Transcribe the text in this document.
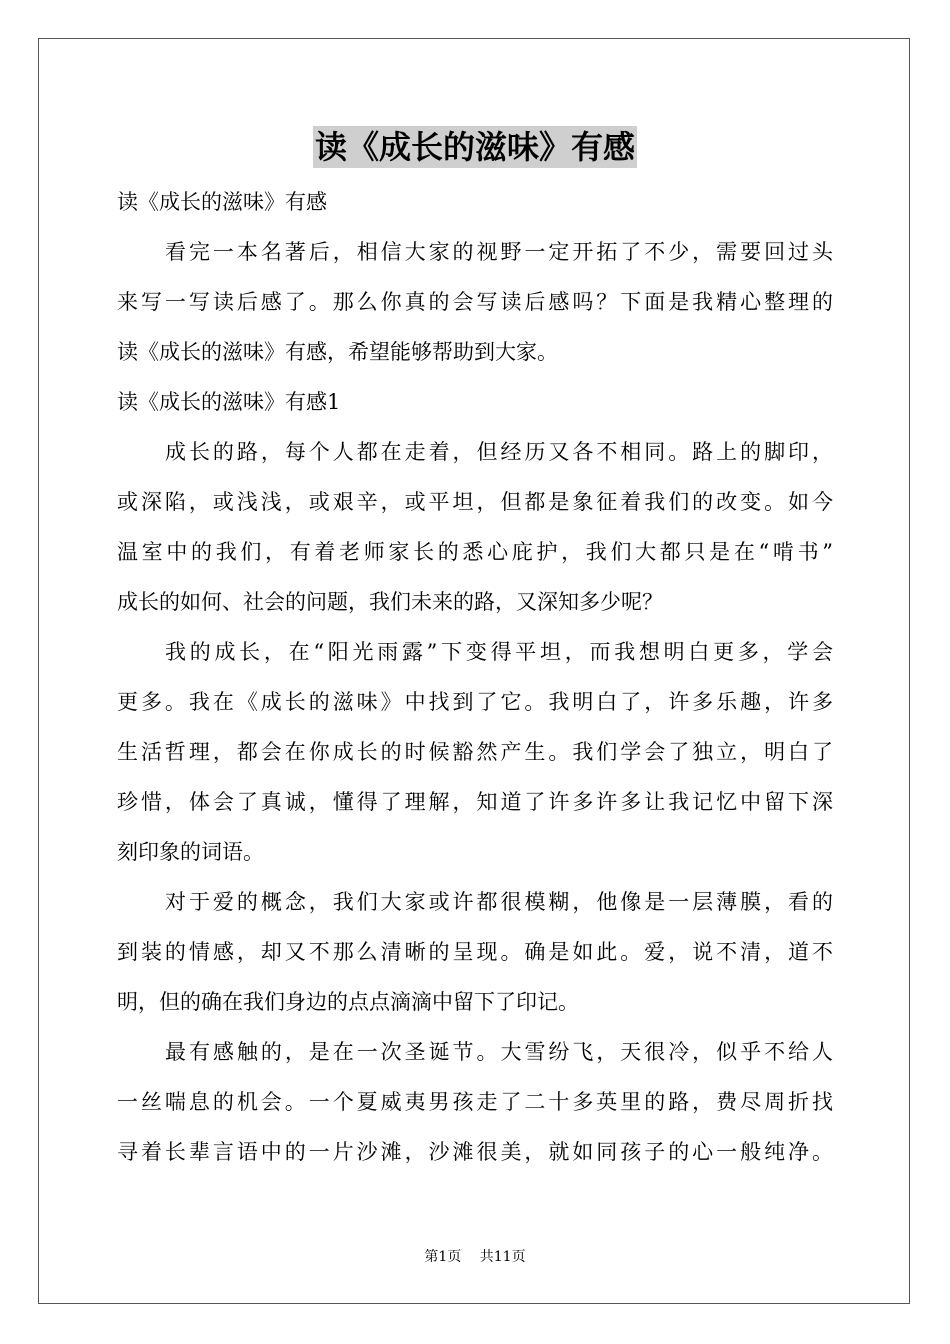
读《成长的滋味》有感
读《成长的滋味》有感
看完一本名著后，相信大家的视野一定开拓了不少，需要回过头
来写一写读后感了。那么你真的会写读后感吗？下面是我精心整理的
读《成长的滋味》有感，希望能够帮助到大家。
读《成长的滋味》有感1
成长的路，每个人都在走着，但经历又各不相同。路上的脚印，
或深陷，或浅浅，或艰辛，或平坦，但都是象征着我们的改变。如今
温室中的我们，有着老师家长的悉心庇护，我们大都只是在“啃书”
成长的如何、社会的问题，我们未来的路，又深知多少呢？
我的成长，在“阳光雨露”下变得平坦，而我想明白更多，学会
更多。我在《成长的滋味》中找到了它。我明白了，许多乐趣，许多
生活哲理，都会在你成长的时候豁然产生。我们学会了独立，明白了
珍惜，体会了真诚，懂得了理解，知道了许多许多让我记忆中留下深
刻印象的词语。
对于爱的概念，我们大家或许都很模糊，他像是一层薄膜，看的
到装的情感，却又不那么清晰的呈现。确是如此。爱，说不清，道不
明，但的确在我们身边的点点滴滴中留下了印记。
最有感触的，是在一次圣诞节。大雪纷飞，天很冷，似乎不给人
一丝喘息的机会。一个夏威夷男孩走了二十多英里的路，费尽周折找
寻着长辈言语中的一片沙滩，沙滩很美，就如同孩子的心一般纯净。
第1页　 共11页
